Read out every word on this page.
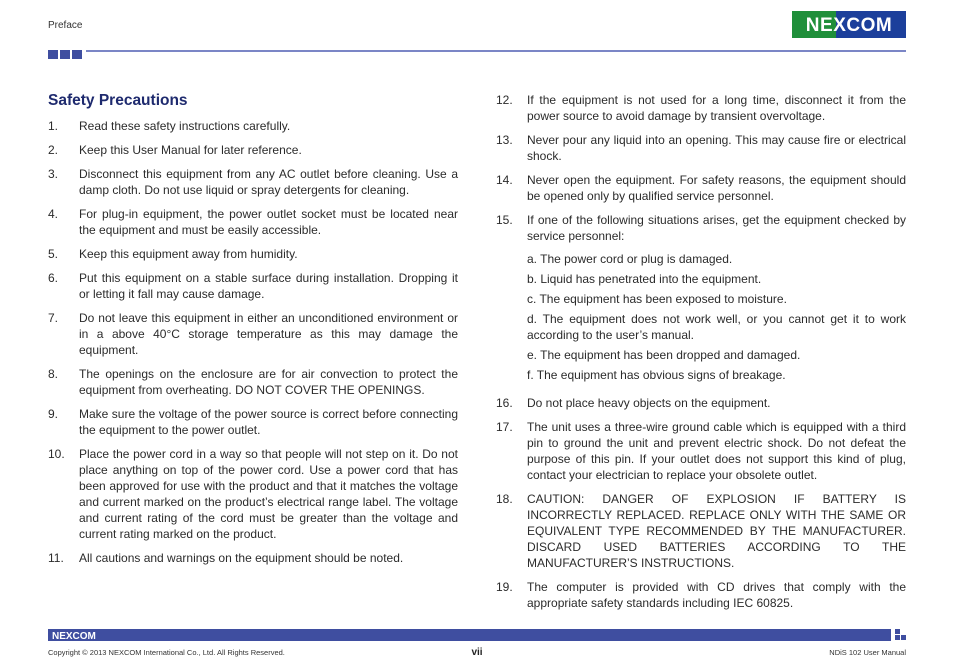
Preface	NEXCOM
Safety Precautions
1.	Read these safety instructions carefully.
2.	Keep this User Manual for later reference.
3.	Disconnect this equipment from any AC outlet before cleaning. Use a damp cloth. Do not use liquid or spray detergents for cleaning.
4.	For plug-in equipment, the power outlet socket must be located near the equipment and must be easily accessible.
5.	Keep this equipment away from humidity.
6.	Put this equipment on a stable surface during installation. Dropping it or letting it fall may cause damage.
7.	Do not leave this equipment in either an unconditioned environment or in a above 40°C storage temperature as this may damage the equipment.
8.	The openings on the enclosure are for air convection to protect the equipment from overheating. DO NOT COVER THE OPENINGS.
9.	Make sure the voltage of the power source is correct before connecting the equipment to the power outlet.
10.	Place the power cord in a way so that people will not step on it. Do not place anything on top of the power cord. Use a power cord that has been approved for use with the product and that it matches the voltage and current marked on the product’s electrical range label. The voltage and current rating of the cord must be greater than the voltage and current rating marked on the product.
11.	All cautions and warnings on the equipment should be noted.
12.	If the equipment is not used for a long time, disconnect it from the power source to avoid damage by transient overvoltage.
13.	Never pour any liquid into an opening. This may cause fire or electrical shock.
14.	Never open the equipment. For safety reasons, the equipment should be opened only by qualified service personnel.
15.	If one of the following situations arises, get the equipment checked by service personnel:
a. The power cord or plug is damaged.
b. Liquid has penetrated into the equipment.
c. The equipment has been exposed to moisture.
d. The equipment does not work well, or you cannot get it to work according to the user’s manual.
e. The equipment has been dropped and damaged.
f. The equipment has obvious signs of breakage.
16.	Do not place heavy objects on the equipment.
17.	The unit uses a three-wire ground cable which is equipped with a third pin to ground the unit and prevent electric shock. Do not defeat the purpose of this pin. If your outlet does not support this kind of plug, contact your electrician to replace your obsolete outlet.
18.	CAUTION: DANGER OF EXPLOSION IF BATTERY IS INCORRECTLY REPLACED. REPLACE ONLY WITH THE SAME OR EQUIVALENT TYPE RECOMMENDED BY THE MANUFACTURER. DISCARD USED BATTERIES ACCORDING TO THE MANUFACTURER’S INSTRUCTIONS.
19.	The computer is provided with CD drives that comply with the appropriate safety standards including IEC 60825.
NEXCOM
Copyright © 2013 NEXCOM International Co., Ltd. All Rights Reserved.	vii	NDiS 102 User Manual
